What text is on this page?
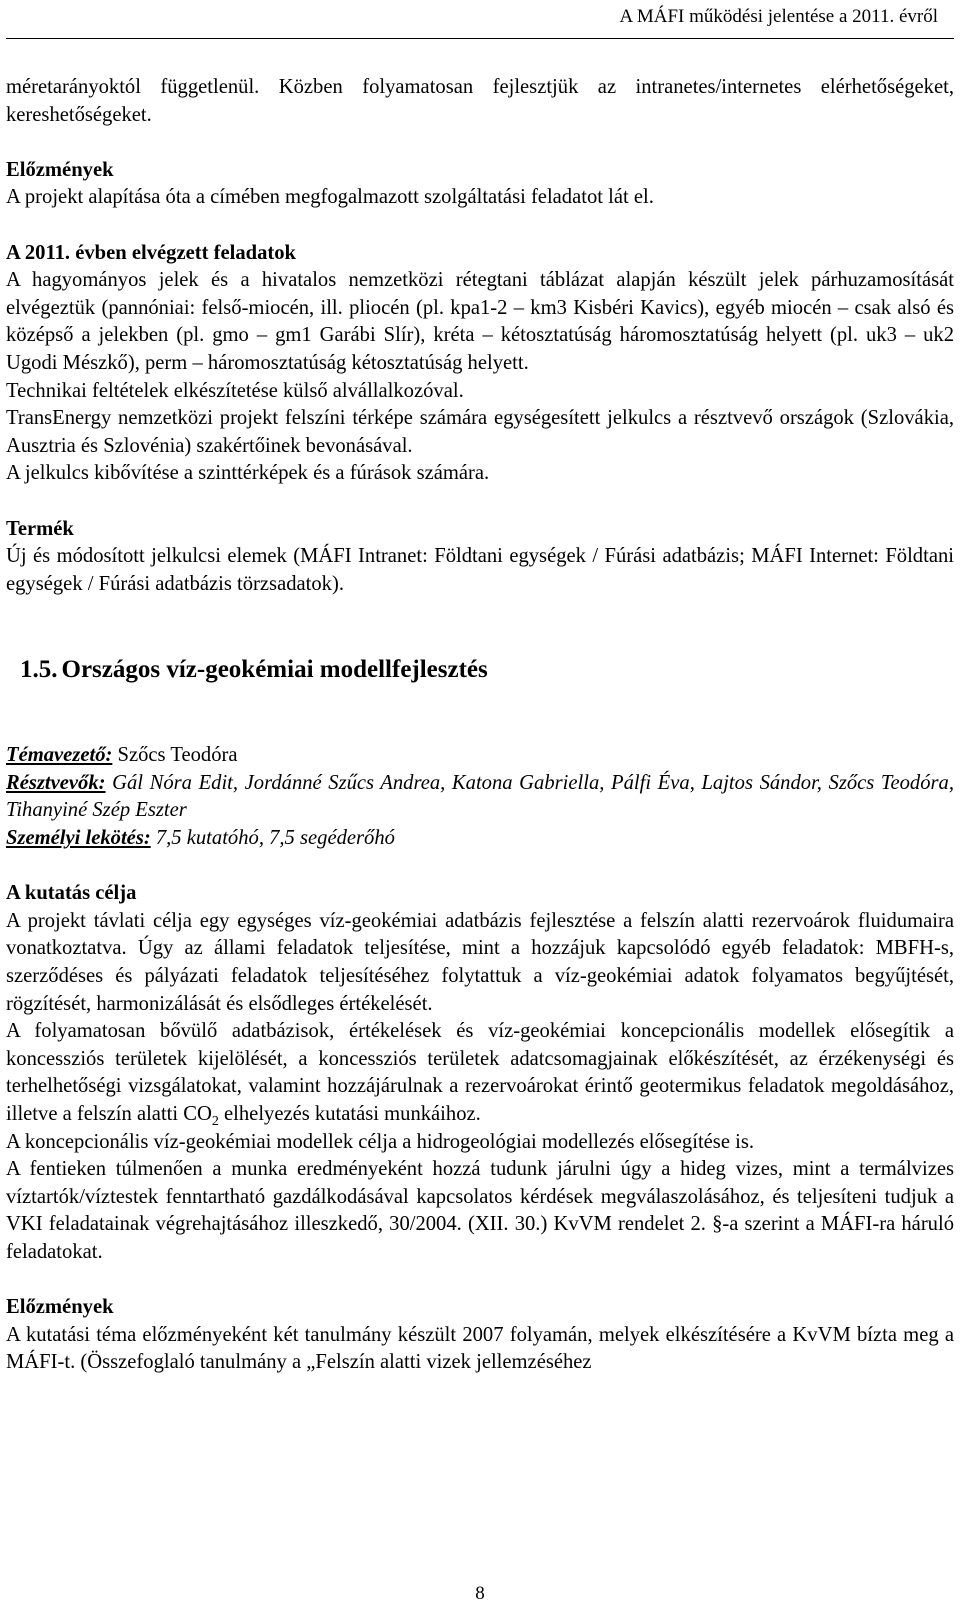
A MÁFI működési jelentése a 2011. évről

méretarányoktól függetlenül. Közben folyamatosan fejlesztjük az intranetes/internetes elérhetőségeket, kereshetőségeket.

Előzmények

A projekt alapítása óta a címében megfogalmazott szolgáltatási feladatot lát el.

A 2011. évben elvégzett feladatok

A hagyományos jelek és a hivatalos nemzetközi rétegtani táblázat alapján készült jelek párhuzamosítását elvégeztük (pannóniai: felső-miocén, ill. pliocén (pl. kpa1-2 – km3 Kisbéri Kavics), egyéb miocén – csak alsó és középső a jelekben (pl. gmo – gm1 Garábi Slír), kréta – kétosztatúság háromosztatúság helyett (pl. uk3 – uk2 Ugodi Mészkő), perm – háromosztatúság kétosztatúság helyett.

Technikai feltételek elkészítetése külső alvállalkozóval.

TransEnergy nemzetközi projekt felszíni térképe számára egységesített jelkulcs a résztvevő országok (Szlovákia, Ausztria és Szlovénia) szakértőinek bevonásával.

A jelkulcs kibővítése a szinttérképek és a fúrások számára.

Termék

Új és módosított jelkulcsi elemek (MÁFI Intranet: Földtani egységek / Fúrási adatbázis; MÁFI Internet: Földtani egységek / Fúrási adatbázis törzsadatok).

1.5. Országos víz-geokémiai modellfejlesztés

Témavezető: Szőcs Teodóra

Résztvevők: Gál Nóra Edit, Jordánné Szűcs Andrea, Katona Gabriella, Pálfi Éva, Lajtos Sándor, Szőcs Teodóra, Tihanyiné Szép Eszter

Személyi lekötés: 7,5 kutatóhó, 7,5 segéderőhó

A kutatás célja

A projekt távlati célja egy egységes víz-geokémiai adatbázis fejlesztése a felszín alatti rezervoárok fluidumaira vonatkoztatva. Úgy az állami feladatok teljesítése, mint a hozzájuk kapcsolódó egyéb feladatok: MBFH-s, szerződéses és pályázati feladatok teljesítéséhez folytattuk a víz-geokémiai adatok folyamatos begyűjtését, rögzítését, harmonizálását és elsődleges értékelését.

A folyamatosan bővülő adatbázisok, értékelések és víz-geokémiai koncepcionális modellek elősegítik a koncessziós területek kijelölését, a koncessziós területek adatcsomagjainak előkészítését, az érzékenységi és terhelhetőségi vizsgálatokat, valamint hozzájárulnak a rezervoárokat érintő geotermikus feladatok megoldásához, illetve a felszín alatti $CO_2$ elhelyezés kutatási munkáihoz.

A koncepcionális víz-geokémiai modellek célja a hidrogeológiai modellezés elősegítése is.

A fentieken túlmenően a munka eredményeként hozzá tudunk járulni úgy a hideg vizes, mint a termálvizes víztartók/víztestek fenntartható gazdálkodásával kapcsolatos kérdések megválaszolásához, és teljesíteni tudjuk a VKI feladatainak végrehajtásához illeszkedő, 30/2004. (XII. 30.) KvVM rendelet 2. §-a szerint a MÁFI-ra háruló feladatokat.

Előzmények

A kutatási téma előzményeként két tanulmány készült 2007 folyamán, melyek elkészítésére a KvVM bízta meg a MÁFI-t. (Összefoglaló tanulmány a „Felszín alatti vizek jellemzéséhez

8
